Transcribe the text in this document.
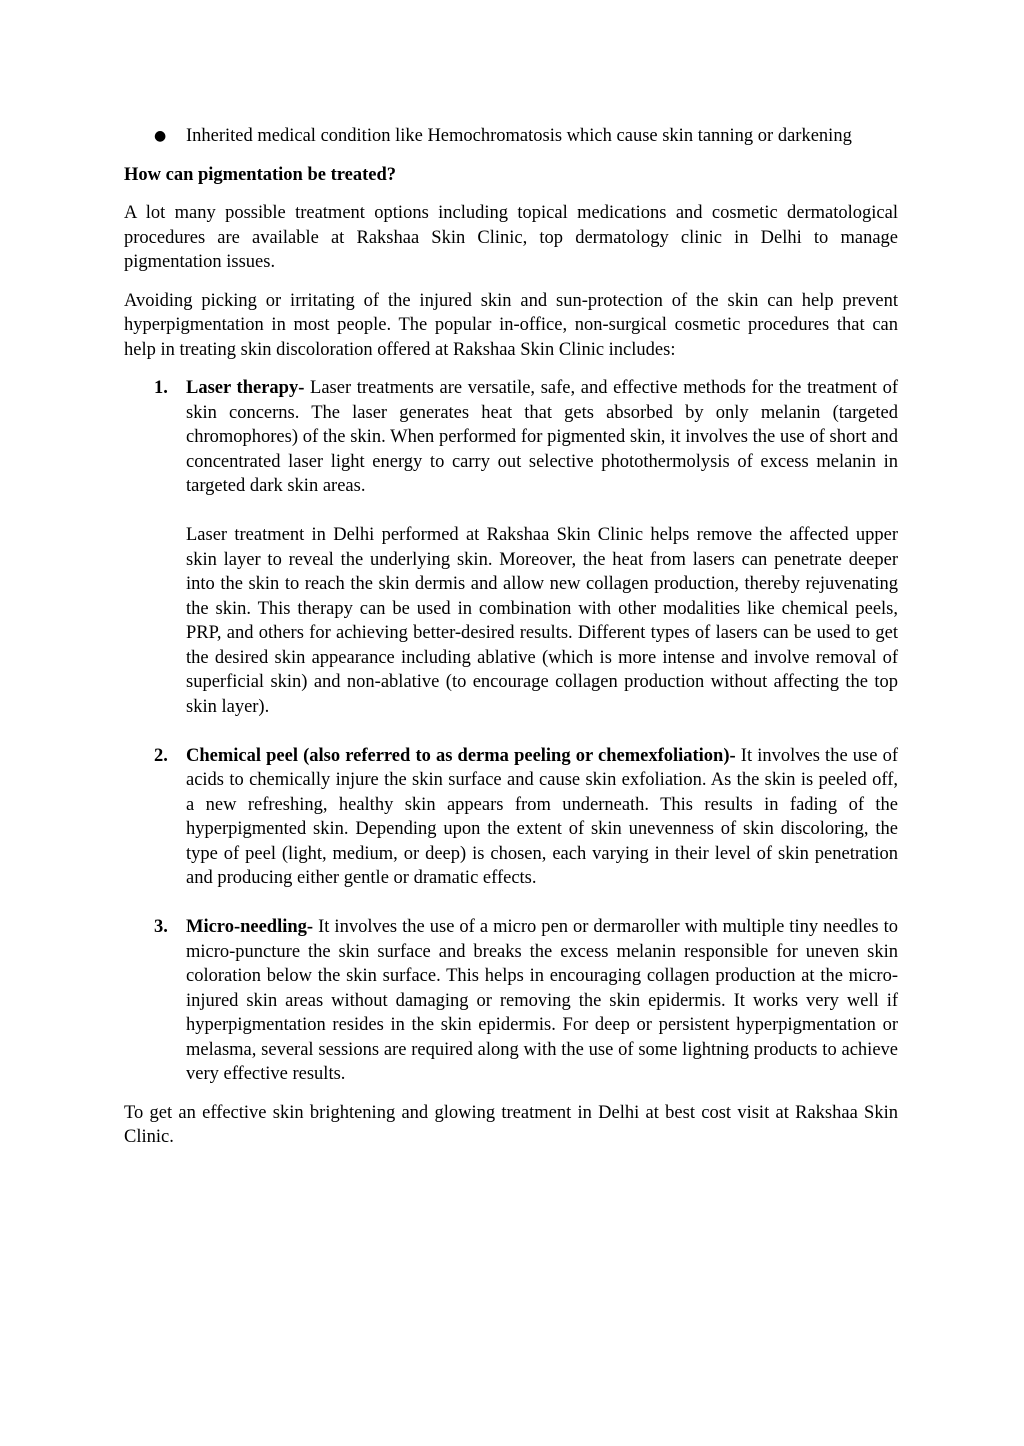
● Inherited medical condition like Hemochromatosis which cause skin tanning or darkening

How can pigmentation be treated?

A lot many possible treatment options including topical medications and cosmetic dermatological procedures are available at Rakshaa Skin Clinic, top dermatology clinic in Delhi to manage pigmentation issues.

Avoiding picking or irritating of the injured skin and sun-protection of the skin can help prevent hyperpigmentation in most people. The popular in-office, non-surgical cosmetic procedures that can help in treating skin discoloration offered at Rakshaa Skin Clinic includes:

1. Laser therapy- Laser treatments are versatile, safe, and effective methods for the treatment of skin concerns. The laser generates heat that gets absorbed by only melanin (targeted chromophores) of the skin. When performed for pigmented skin, it involves the use of short and concentrated laser light energy to carry out selective photothermolysis of excess melanin in targeted dark skin areas.

Laser treatment in Delhi performed at Rakshaa Skin Clinic helps remove the affected upper skin layer to reveal the underlying skin. Moreover, the heat from lasers can penetrate deeper into the skin to reach the skin dermis and allow new collagen production, thereby rejuvenating the skin. This therapy can be used in combination with other modalities like chemical peels, PRP, and others for achieving better-desired results. Different types of lasers can be used to get the desired skin appearance including ablative (which is more intense and involve removal of superficial skin) and non-ablative (to encourage collagen production without affecting the top skin layer).

2. Chemical peel (also referred to as derma peeling or chemexfoliation)- It involves the use of acids to chemically injure the skin surface and cause skin exfoliation. As the skin is peeled off, a new refreshing, healthy skin appears from underneath. This results in fading of the hyperpigmented skin. Depending upon the extent of skin unevenness of skin discoloring, the type of peel (light, medium, or deep) is chosen, each varying in their level of skin penetration and producing either gentle or dramatic effects.

3. Micro-needling- It involves the use of a micro pen or dermaroller with multiple tiny needles to micro-puncture the skin surface and breaks the excess melanin responsible for uneven skin coloration below the skin surface. This helps in encouraging collagen production at the micro-injured skin areas without damaging or removing the skin epidermis. It works very well if hyperpigmentation resides in the skin epidermis. For deep or persistent hyperpigmentation or melasma, several sessions are required along with the use of some lightning products to achieve very effective results.

To get an effective skin brightening and glowing treatment in Delhi at best cost visit at Rakshaa Skin Clinic.
